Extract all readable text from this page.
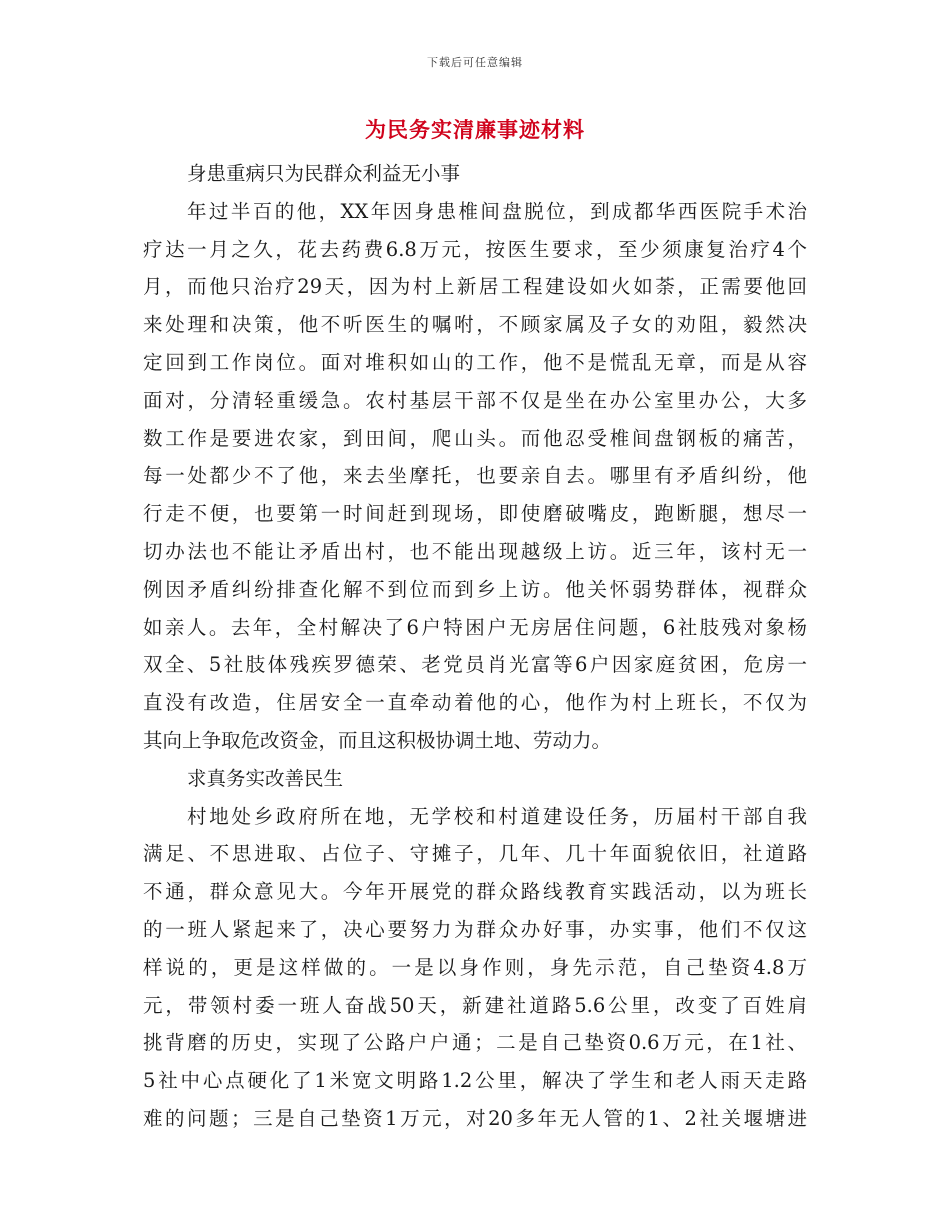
下载后可任意编辑
为民务实清廉事迹材料
身患重病只为民群众利益无小事
年过半百的他，XX年因身患椎间盘脱位，到成都华西医院手术治
疗达一月之久，花去药费6.8万元，按医生要求，至少须康复治疗4个
月，而他只治疗29天，因为村上新居工程建设如火如荼，正需要他回
来处理和决策，他不听医生的嘱咐，不顾家属及子女的劝阻，毅然决
定回到工作岗位。面对堆积如山的工作，他不是慌乱无章，而是从容
面对，分清轻重缓急。农村基层干部不仅是坐在办公室里办公，大多
数工作是要进农家，到田间，爬山头。而他忍受椎间盘钢板的痛苦，
每一处都少不了他，来去坐摩托，也要亲自去。哪里有矛盾纠纷，他
行走不便，也要第一时间赶到现场，即使磨破嘴皮，跑断腿，想尽一
切办法也不能让矛盾出村，也不能出现越级上访。近三年，该村无一
例因矛盾纠纷排查化解不到位而到乡上访。他关怀弱势群体，视群众
如亲人。去年，全村解决了6户特困户无房居住问题，6社肢残对象杨
双全、5社肢体残疾罗德荣、老党员肖光富等6户因家庭贫困，危房一
直没有改造，住居安全一直牵动着他的心，他作为村上班长，不仅为
其向上争取危改资金，而且这积极协调土地、劳动力。
求真务实改善民生
村地处乡政府所在地，无学校和村道建设任务，历届村干部自我
满足、不思进取、占位子、守摊子，几年、几十年面貌依旧，社道路
不通，群众意见大。今年开展党的群众路线教育实践活动，以为班长
的一班人紧起来了，决心要努力为群众办好事，办实事，他们不仅这
样说的，更是这样做的。一是以身作则，身先示范，自己垫资4.8万
元，带领村委一班人奋战50天，新建社道路5.6公里，改变了百姓肩
挑背磨的历史，实现了公路户户通；二是自己垫资0.6万元，在1社、
5社中心点硬化了1米宽文明路1.2公里，解决了学生和老人雨天走路
难的问题；三是自己垫资1万元，对20多年无人管的1、2社关堰塘进
